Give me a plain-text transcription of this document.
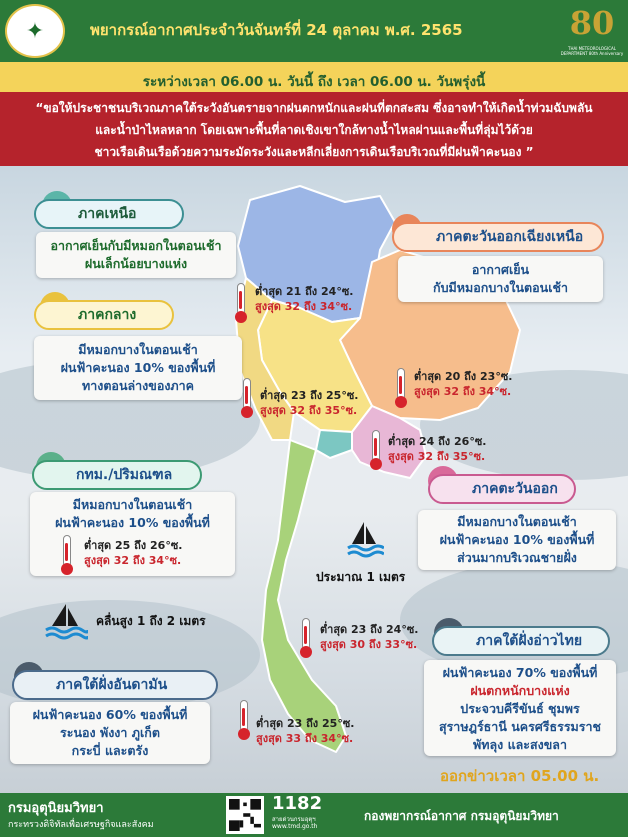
✦	พยากรณ์อากาศประจำวันจันทร์ที่ 24 ตุลาคม พ.ศ. 2565	80
THAI METEOROLOGICAL DEPARTMENT 80th Anniversary
ระหว่างเวลา 06.00 น. วันนี้ ถึง เวลา 06.00 น. วันพรุ่งนี้
“ขอให้ประชาชนบริเวณภาคใต้ระวังอันตรายจากฝนตกหนักและฝนที่ตกสะสม ซึ่งอาจทำให้เกิดน้ำท่วมฉับพลัน
และน้ำป่าไหลหลาก โดยเฉพาะพื้นที่ลาดเชิงเขาใกล้ทางน้ำไหลผ่านและพื้นที่ลุ่มไว้ด้วย
ชาวเรือเดินเรือด้วยความระมัดระวังและหลีกเลี่ยงการเดินเรือบริเวณที่มีฝนฟ้าคะนอง ”
ภาคเหนือ
อากาศเย็นกับมีหมอกในตอนเช้า
ฝนเล็กน้อยบางแห่ง
ต่ำสุด 21 ถึง 24°ซ.
สูงสุด 32 ถึง 34°ซ.
ภาคตะวันออกเฉียงเหนือ
อากาศเย็น
กับมีหมอกบางในตอนเช้า
ต่ำสุด 20 ถึง 23°ซ.
สูงสุด 32 ถึง 34°ซ.
ภาคกลาง
มีหมอกบางในตอนเช้า
ฝนฟ้าคะนอง 10% ของพื้นที่
ทางตอนล่างของภาค
ต่ำสุด 23 ถึง 25°ซ.
สูงสุด 32 ถึง 35°ซ.
ต่ำสุด 24 ถึง 26°ซ.
สูงสุด 32 ถึง 35°ซ.
กทม./ปริมณฑล
มีหมอกบางในตอนเช้า
ฝนฟ้าคะนอง 10% ของพื้นที่
ต่ำสุด 25 ถึง 26°ซ.
สูงสุด 32 ถึง 34°ซ.
ภาคตะวันออก
มีหมอกบางในตอนเช้า
ฝนฟ้าคะนอง 10% ของพื้นที่
ส่วนมากบริเวณชายฝั่ง
ประมาณ 1 เมตร
คลื่นสูง 1 ถึง 2 เมตร
ต่ำสุด 23 ถึง 24°ซ.
สูงสุด 30 ถึง 33°ซ.	ภาคใต้ฝั่งอ่าวไทย
ฝนฟ้าคะนอง 70% ของพื้นที่
ฝนตกหนักบางแห่ง
ประจวบคีรีขันธ์ ชุมพร
สุราษฎร์ธานี นครศรีธรรมราช
พัทลุง และสงขลา
ภาคใต้ฝั่งอันดามัน
ฝนฟ้าคะนอง 60% ของพื้นที่
ระนอง พังงา ภูเก็ต
กระบี่ และตรัง
ต่ำสุด 23 ถึง 25°ซ.
สูงสุด 33 ถึง 34°ซ.
ออกข่าวเวลา 05.00 น.
กรมอุตุนิยมวิทยา
กระทรวงดิจิทัลเพื่อเศรษฐกิจและสังคม
1182
สายด่วนกรมอุตุฯ
www.tmd.go.th
กองพยากรณ์อากาศ กรมอุตุนิยมวิทยา
